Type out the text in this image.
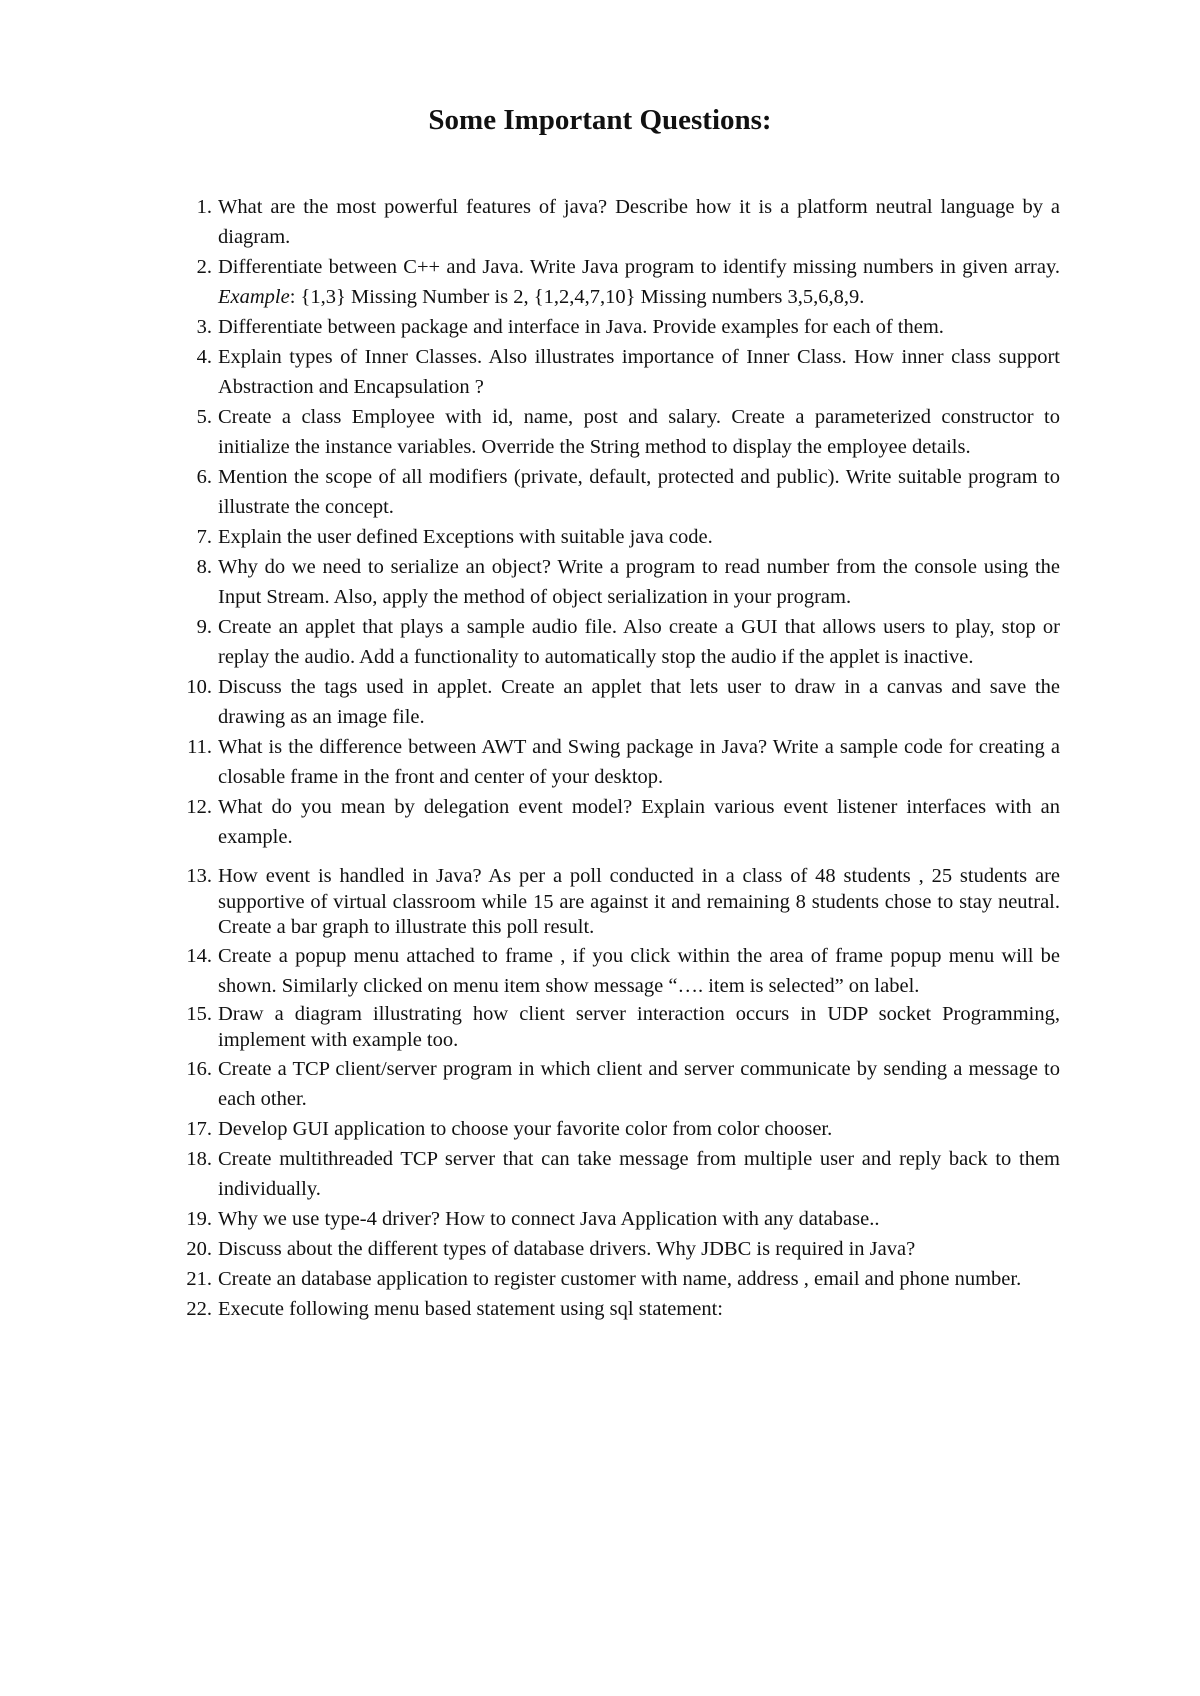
Some Important Questions:
1. What are the most powerful features of java? Describe how it is a platform neutral language by a diagram.
2. Differentiate between C++ and Java. Write Java program to identify missing numbers in given array. Example: {1,3} Missing Number is 2, {1,2,4,7,10} Missing numbers 3,5,6,8,9.
3. Differentiate between package and interface in Java. Provide examples for each of them.
4. Explain types of Inner Classes. Also illustrates importance of Inner Class. How inner class support Abstraction and Encapsulation ?
5. Create a class Employee with id, name, post and salary. Create a parameterized constructor to initialize the instance variables. Override the String method to display the employee details.
6. Mention the scope of all modifiers (private, default, protected and public). Write suitable program to illustrate the concept.
7. Explain the user defined Exceptions with suitable java code.
8. Why do we need to serialize an object? Write a program to read number from the console using the Input Stream. Also, apply the method of object serialization in your program.
9. Create an applet that plays a sample audio file. Also create a GUI that allows users to play, stop or replay the audio. Add a functionality to automatically stop the audio if the applet is inactive.
10. Discuss the tags used in applet. Create an applet that lets user to draw in a canvas and save the drawing as an image file.
11. What is the difference between AWT and Swing package in Java? Write a sample code for creating a closable frame in the front and center of your desktop.
12. What do you mean by delegation event model? Explain various event listener interfaces with an example.
13. How event is handled in Java? As per a poll conducted in a class of 48 students , 25 students are supportive of virtual classroom while 15 are against it and remaining 8 students chose to stay neutral. Create a bar graph to illustrate this poll result.
14. Create a popup menu attached to frame , if you click within the area of frame popup menu will be shown. Similarly clicked on menu item show message “…. item is selected” on label.
15. Draw a diagram illustrating how client server interaction occurs in UDP socket Programming, implement with example too.
16. Create a TCP client/server program in which client and server communicate by sending a message to each other.
17. Develop GUI application to choose your favorite color from color chooser.
18. Create multithreaded TCP server that can take message from multiple user and reply back to them individually.
19. Why we use type-4 driver? How to connect Java Application with any database..
20. Discuss about the different types of database drivers. Why JDBC is required in Java?
21. Create an database application to register customer with name, address , email and phone number.
22. Execute following menu based statement using sql statement:
